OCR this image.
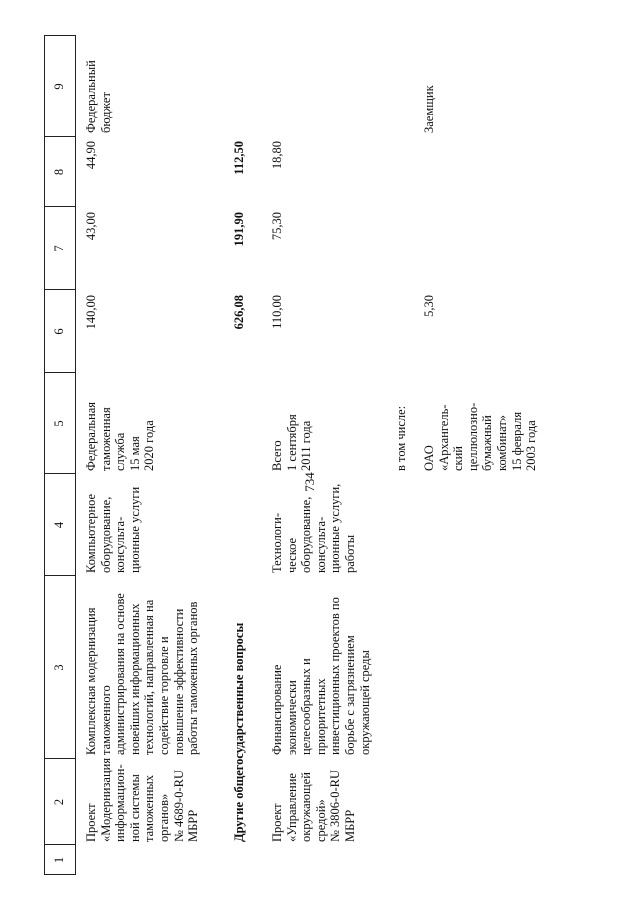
734
1
2
3
4
5
6
7
8
9
Проект
«Модернизация
информацион-
ной системы
таможенных
органов»
№ 4689-0-RU
МБРР
Комплексная модернизация
таможенного
администрирования на основе
новейших информационных
технологий, направленная на
содействие торговле и
повышение эффективности
работы таможенных органов
Компьютерное
оборудование,
консульта-
ционные услуги
Федеральная
таможенная
служба
15 мая
2020 года
140,00
43,00
44,90
Федеральный
бюджет
Другие общегосударственные вопросы
626,08
191,90
112,50
Проект
«Управление
окружающей
средой»
№ 3806-0-RU
МБРР
Финансирование
экономически
целесообразных и
приоритетных
инвестиционных проектов по
борьбе с загрязнением
окружающей среды
Технологи-
ческое
оборудование,
консульта-
ционные услуги,
работы
Всего
1 сентября
2011 года
110,00
75,30
18,80
в том числе: ОАО
«Архангель-
ский
целлюлозно-
бумажный
комбинат»
15 февраля
2003 года
5,30
Заемщик
